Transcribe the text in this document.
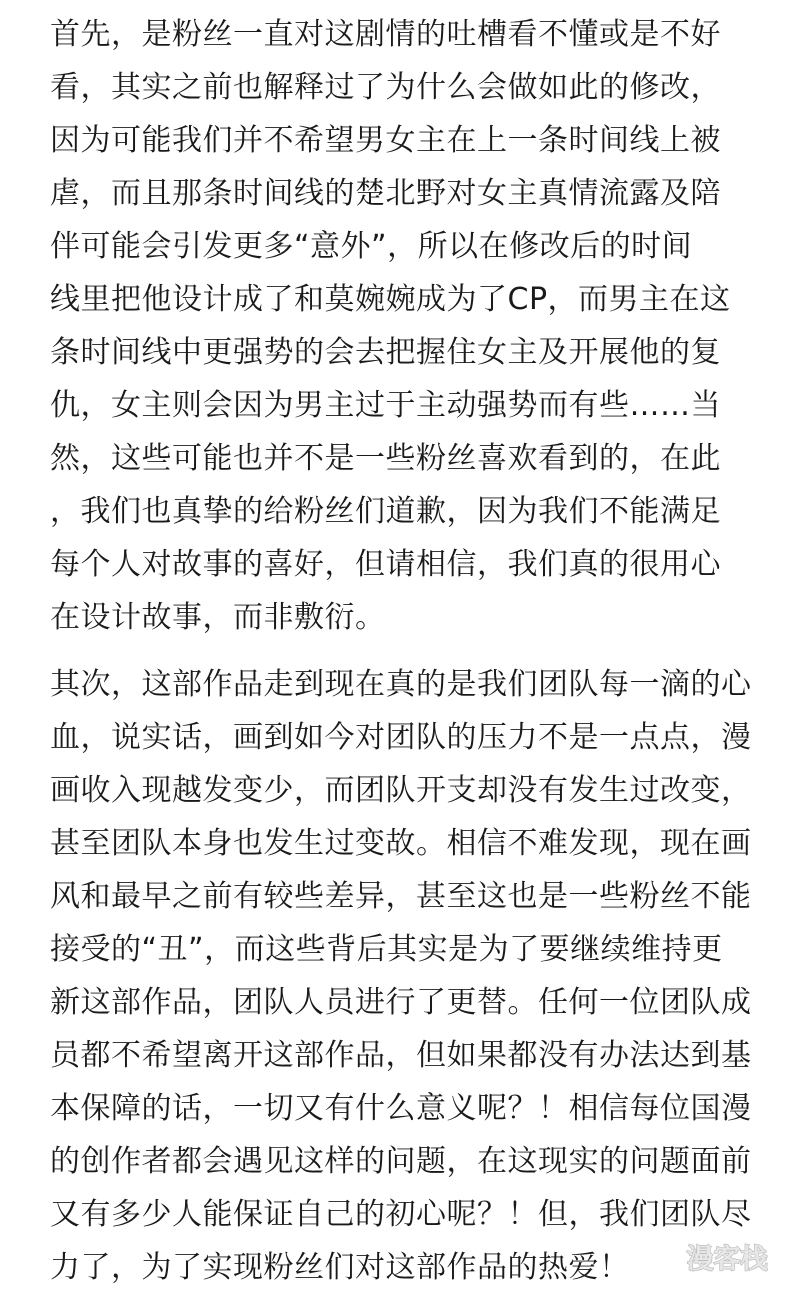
首先，是粉丝一直对这剧情的吐槽看不懂或是不好
看，其实之前也解释过了为什么会做如此的修改，
因为可能我们并不希望男女主在上一条时间线上被
虐，而且那条时间线的楚北野对女主真情流露及陪
伴可能会引发更多“意外”，所以在修改后的时间
线里把他设计成了和莫婉婉成为了CP，而男主在这
条时间线中更强势的会去把握住女主及开展他的复
仇，女主则会因为男主过于主动强势而有些……当
然，这些可能也并不是一些粉丝喜欢看到的，在此
，我们也真挚的给粉丝们道歉，因为我们不能满足
每个人对故事的喜好，但请相信，我们真的很用心
在设计故事，而非敷衍。
其次，这部作品走到现在真的是我们团队每一滴的心
血，说实话，画到如今对团队的压力不是一点点，漫
画收入现越发变少，而团队开支却没有发生过改变，
甚至团队本身也发生过变故。相信不难发现，现在画
风和最早之前有较些差异，甚至这也是一些粉丝不能
接受的“丑”，而这些背后其实是为了要继续维持更
新这部作品，团队人员进行了更替。任何一位团队成
员都不希望离开这部作品，但如果都没有办法达到基
本保障的话，一切又有什么意义呢？！相信每位国漫
的创作者都会遇见这样的问题，在这现实的问题面前
又有多少人能保证自己的初心呢？！但，我们团队尽
力了，为了实现粉丝们对这部作品的热爱！	漫客栈
